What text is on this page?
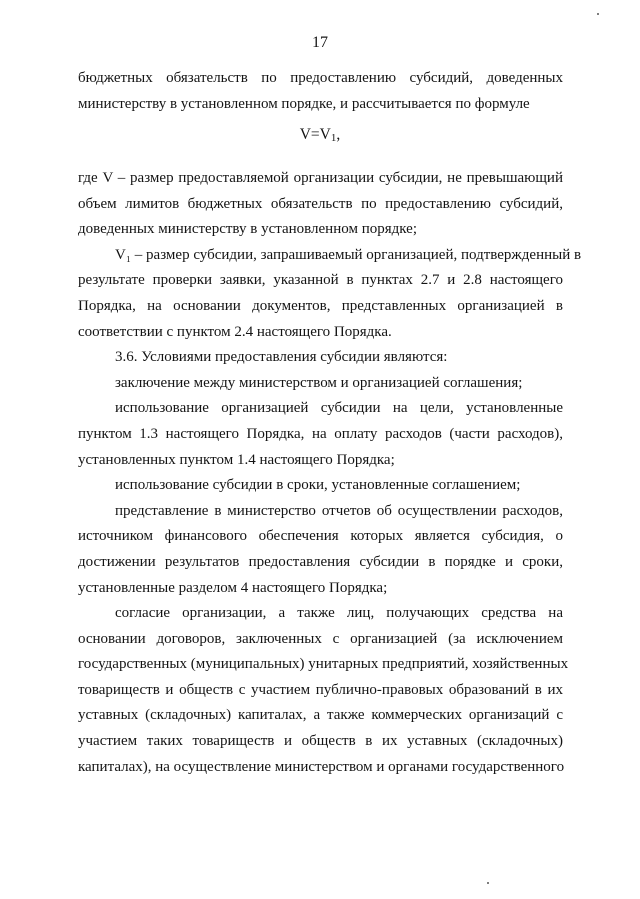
17
бюджетных обязательств по предоставлению субсидий, доведенных
министерству в установленном порядке, и рассчитывается по формуле
$V=V_1$,
где V – размер предоставляемой организации субсидии, не превышающий
объем лимитов бюджетных обязательств по предоставлению субсидий,
доведенных министерству в установленном порядке;
V₁ – размер субсидии, запрашиваемый организацией, подтвержденный в
результате проверки заявки, указанной в пунктах 2.7 и 2.8 настоящего
Порядка, на основании документов, представленных организацией в
соответствии с пунктом 2.4 настоящего Порядка.
3.6. Условиями предоставления субсидии являются:
заключение между министерством и организацией соглашения;
использование организацией субсидии на цели, установленные
пунктом 1.3 настоящего Порядка, на оплату расходов (части расходов),
установленных пунктом 1.4 настоящего Порядка;
использование субсидии в сроки, установленные соглашением;
представление в министерство отчетов об осуществлении расходов,
источником финансового обеспечения которых является субсидия, о
достижении результатов предоставления субсидии в порядке и сроки,
установленные разделом 4 настоящего Порядка;
согласие организации, а также лиц, получающих средства на
основании договоров, заключенных с организацией (за исключением
государственных (муниципальных) унитарных предприятий, хозяйственных
товариществ и обществ с участием публично-правовых образований в их
уставных (складочных) капиталах, а также коммерческих организаций с
участием таких товариществ и обществ в их уставных (складочных)
капиталах), на осуществление министерством и органами государственного
